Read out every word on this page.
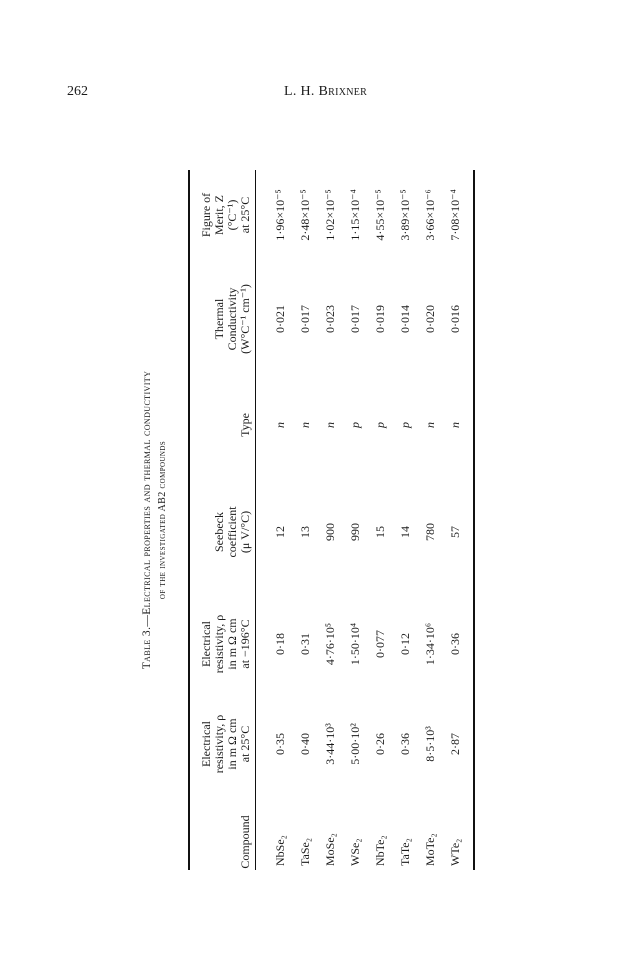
262	L. H. Brixner
Table 3.—Electrical properties and thermal conductivity of the investigated AB2 compounds
Compound
Electrical resistivity, ρ in m Ω cm at 25°C
Electrical resistivity, ρ in m Ω cm at −196°C
Seebeck coefficient (μ V/°C)
Type
Thermal Conductivity (W°C⁻¹ cm⁻¹)
Figure of Merit, Z (°C⁻¹) at 25°C
NbSe₂
0·35
0·18
12
n
0·021
1·96×10⁻⁵
TaSe₂
0·40
0·31
13
n
0·017
2·48×10⁻⁵
MoSe₂
3·44·10³
4·76·10⁵
900
n
0·023
1·02×10⁻⁵
WSe₂
5·00·10²
1·50·10⁴
990
p
0·017
1·15×10⁻⁴
NbTe₂
0·26
0·077
15
p
0·019
4·55×10⁻⁵
TaTe₂
0·36
0·12
14
p
0·014
3·89×10⁻⁵
MoTe₂
8·5·10³
1·34·10⁶
780
n
0·020
3·66×10⁻⁶
WTe₂
2·87
0·36
57
n
0·016
7·08×10⁻⁴
